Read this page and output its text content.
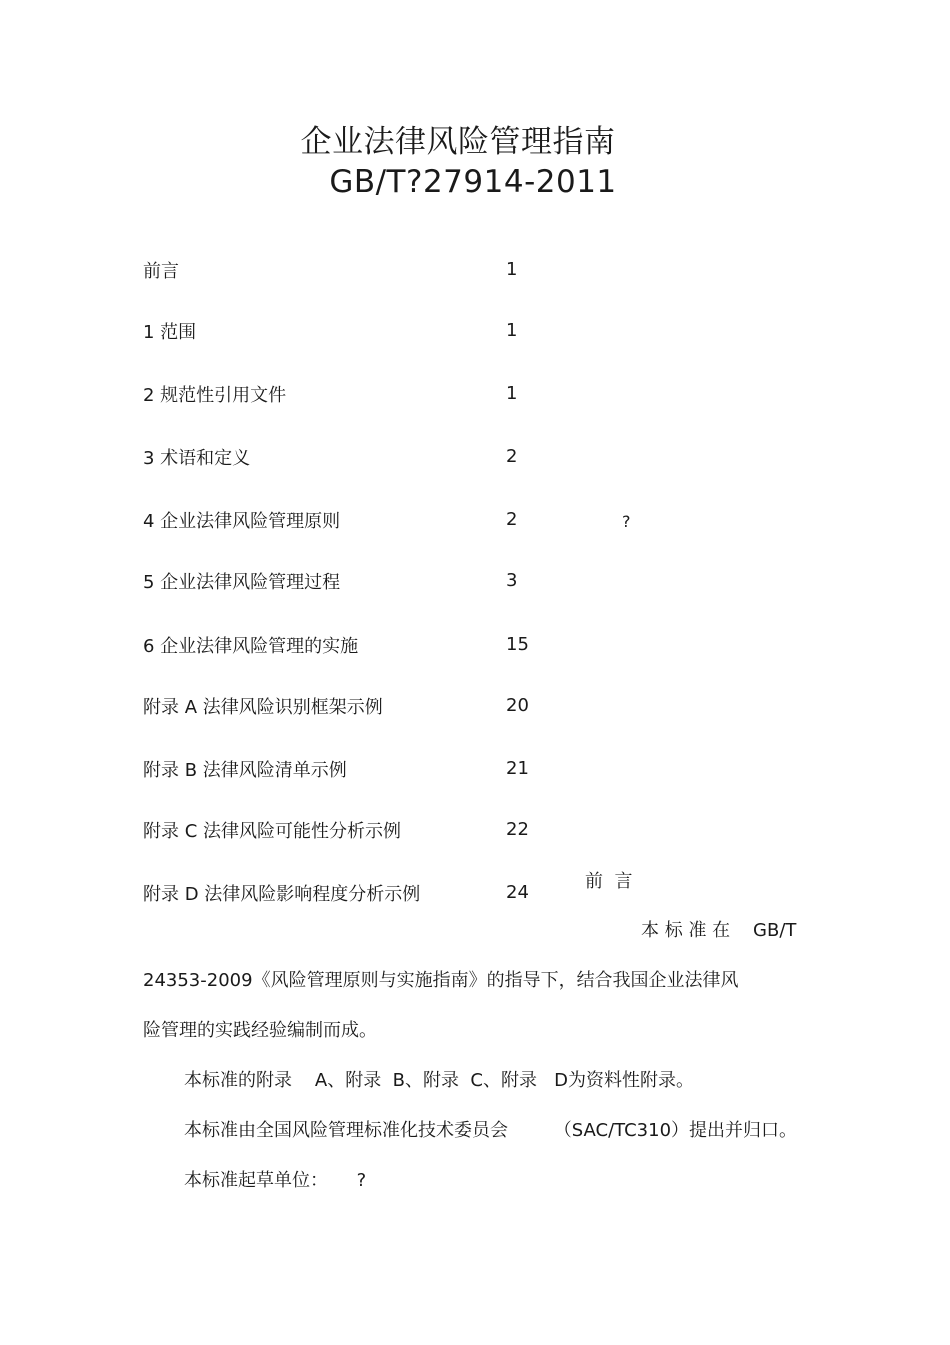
企业法律风险管理指南
GB/T?27914-2011
前言	1
1 范围	1
2 规范性引用文件	1
3 术语和定义	2
4 企业法律风险管理原则	2
5 企业法律风险管理过程	3
6 企业法律风险管理的实施	15
附录 A 法律风险识别框架示例	20
附录 B 法律风险清单示例	21
附录 C 法律风险可能性分析示例	22
附录 D 法律风险影响程度分析示例	24
?
前  言
本 标 准 在    GB/T
24353-2009《风险管理原则与实施指南》的指导下，结合我国企业法律风
险管理的实践经验编制而成。
本标准的附录    A、附录  B、附录  C、附录   D为资料性附录。
本标准由全国风险管理标准化技术委员会        （SAC/TC310）提出并归口。
本标准起草单位：     ?
